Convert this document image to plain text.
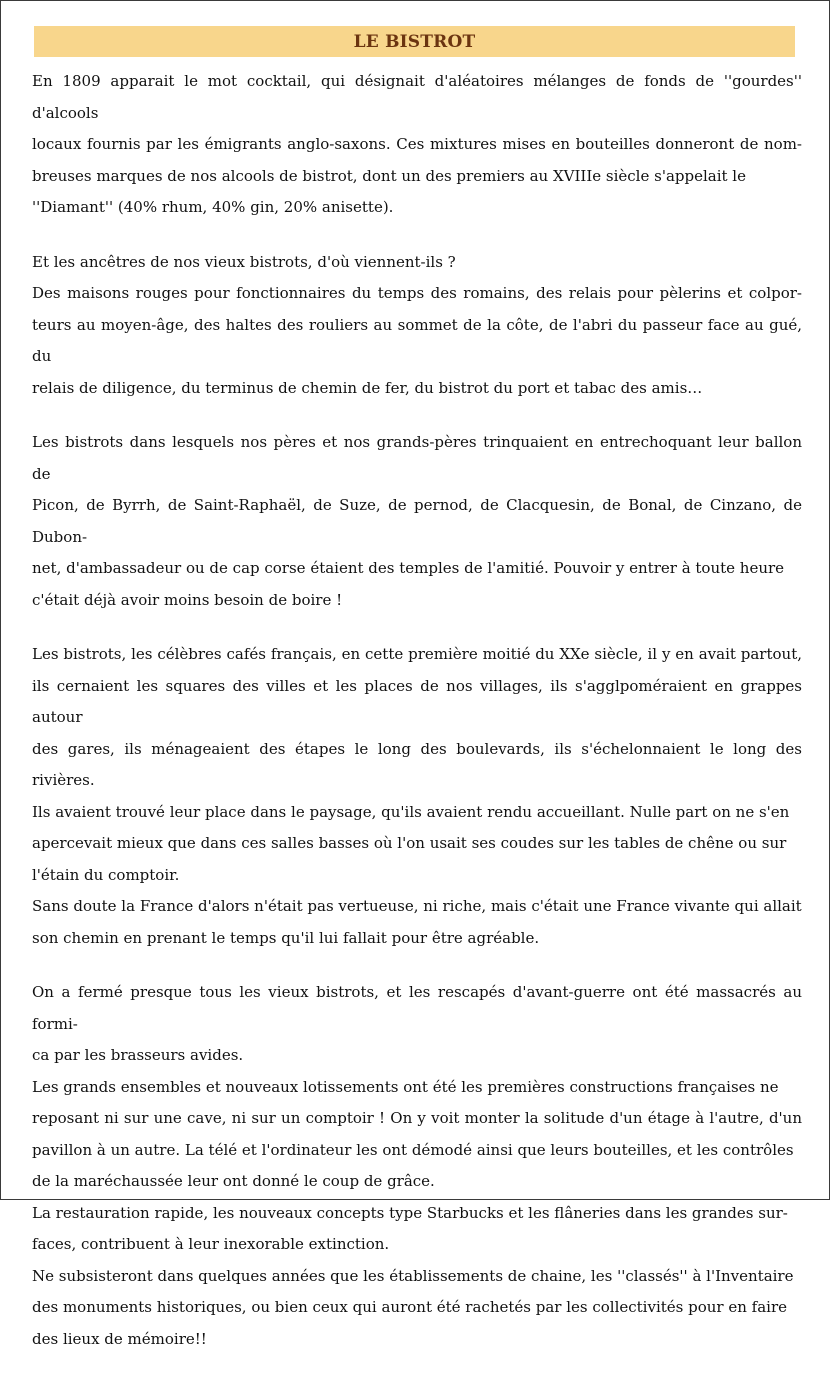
LE BISTROT

En 1809 apparait le mot cocktail, qui désignait d'aléatoires mélanges de fonds de ''gourdes'' d'alcools
locaux fournis par les émigrants anglo-saxons. Ces mixtures mises en bouteilles donneront de nom-
breuses marques de nos alcools de bistrot, dont un des premiers au XVIIIe siècle s'appelait le
''Diamant'' (40% rhum, 40% gin, 20% anisette).

Et les ancêtres de nos vieux bistrots, d'où viennent-ils ?
Des maisons rouges pour fonctionnaires du temps des romains, des relais pour pèlerins et colpor-
teurs au moyen-âge, des haltes des rouliers au sommet de la côte, de l'abri du passeur face au gué, du
relais de diligence, du terminus de chemin de fer, du bistrot du port et tabac des amis…

Les bistrots dans lesquels nos pères et nos grands-pères trinquaient en entrechoquant leur ballon de
Picon, de Byrrh, de Saint-Raphaël, de Suze, de pernod, de Clacquesin, de Bonal, de Cinzano, de Dubon-
net, d'ambassadeur ou de cap corse étaient des temples de l'amitié. Pouvoir y entrer à toute heure
c'était déjà avoir moins besoin de boire !

Les bistrots, les célèbres cafés français, en cette première moitié du XXe siècle, il y en avait partout,
ils cernaient les squares des villes et les places de nos villages, ils s'agglpoméraient en grappes autour
des gares, ils ménageaient des étapes le long des boulevards, ils s'échelonnaient le long des rivières.
Ils avaient trouvé leur place dans le paysage, qu'ils avaient rendu accueillant. Nulle part on ne s'en
apercevait mieux que dans ces salles basses où l'on usait ses coudes sur les tables de chêne ou sur
l'étain du comptoir.
Sans doute la France d'alors n'était pas vertueuse, ni riche, mais c'était une France vivante qui allait
son chemin en prenant le temps qu'il lui fallait pour être agréable.

On a fermé presque tous les vieux bistrots, et les rescapés d'avant-guerre ont été massacrés au formi-
ca par les brasseurs avides.
Les grands ensembles et nouveaux lotissements ont été les premières constructions françaises ne
reposant ni sur une cave, ni sur un comptoir ! On y voit monter la solitude d'un étage à l'autre, d'un
pavillon à un autre. La télé et l'ordinateur les ont démodé ainsi que leurs bouteilles, et les contrôles
de la maréchaussée leur ont donné le coup de grâce.
La restauration rapide, les nouveaux concepts type Starbucks et les flâneries dans les grandes sur-
faces, contribuent à leur inexorable extinction.
Ne subsisteront dans quelques années que les établissements de chaine, les ''classés'' à l'Inventaire
des monuments historiques, ou bien ceux qui auront été rachetés par les collectivités pour en faire
des lieux de mémoire!!
